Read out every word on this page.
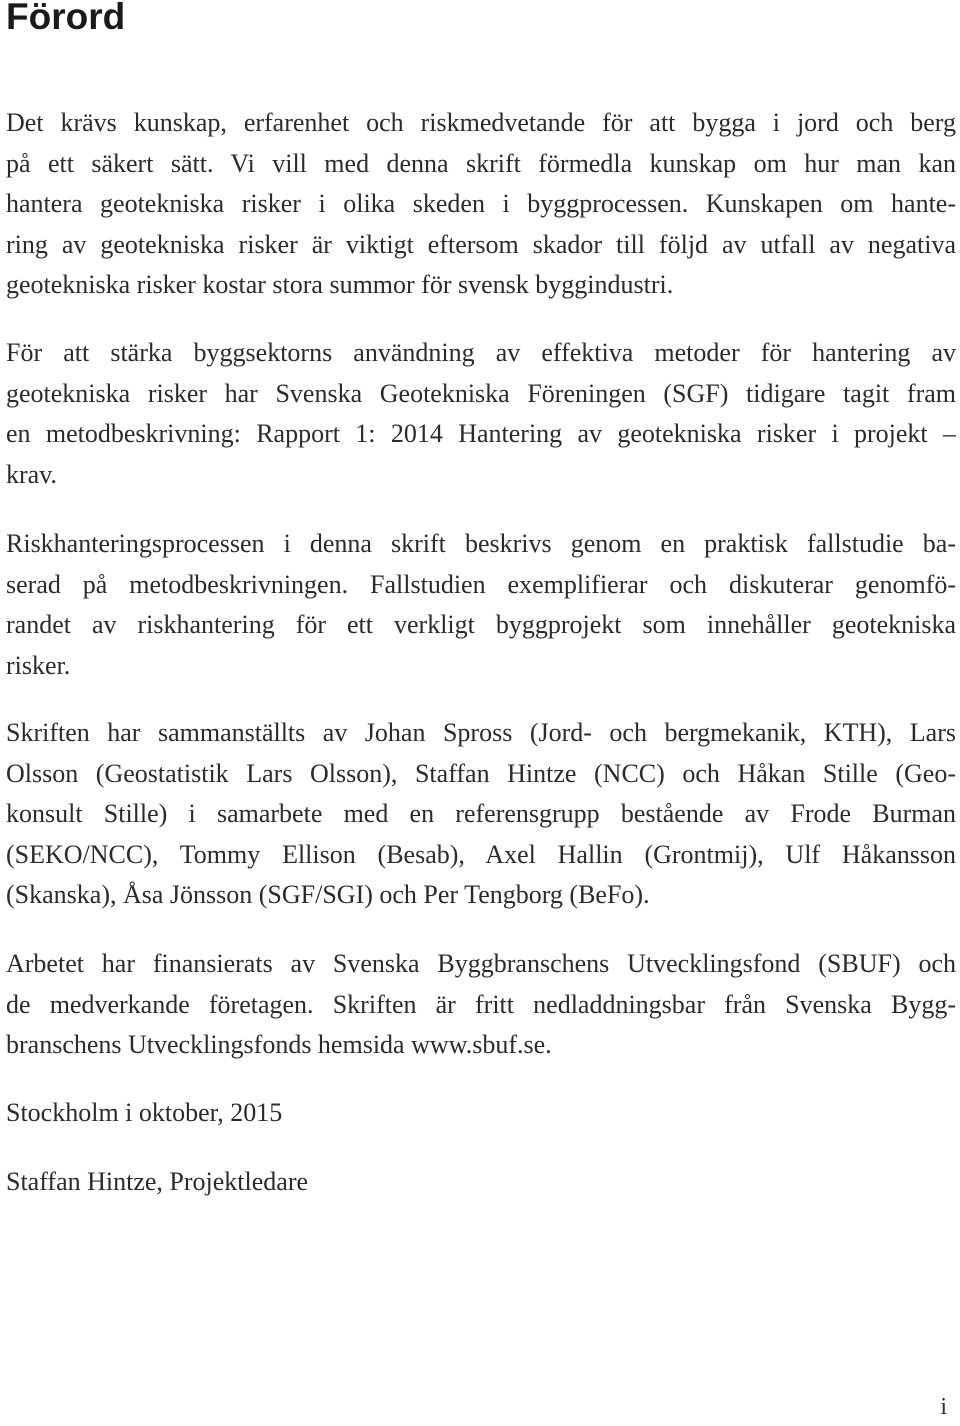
Förord

Det krävs kunskap, erfarenhet och riskmedvetande för att bygga i jord och berg
på ett säkert sätt. Vi vill med denna skrift förmedla kunskap om hur man kan
hantera geotekniska risker i olika skeden i byggprocessen. Kunskapen om hante-
ring av geotekniska risker är viktigt eftersom skador till följd av utfall av negativa
geotekniska risker kostar stora summor för svensk byggindustri.

För att stärka byggsektorns användning av effektiva metoder för hantering av
geotekniska risker har Svenska Geotekniska Föreningen (SGF) tidigare tagit fram
en metodbeskrivning: Rapport 1: 2014 Hantering av geotekniska risker i projekt –
krav.

Riskhanteringsprocessen i denna skrift beskrivs genom en praktisk fallstudie ba-
serad på metodbeskrivningen. Fallstudien exemplifierar och diskuterar genomfö-
randet av riskhantering för ett verkligt byggprojekt som innehåller geotekniska
risker.

Skriften har sammanställts av Johan Spross (Jord- och bergmekanik, KTH), Lars
Olsson (Geostatistik Lars Olsson), Staffan Hintze (NCC) och Håkan Stille (Geo-
konsult Stille) i samarbete med en referensgrupp bestående av Frode Burman
(SEKO/NCC), Tommy Ellison (Besab), Axel Hallin (Grontmij), Ulf Håkansson
(Skanska), Åsa Jönsson (SGF/SGI) och Per Tengborg (BeFo).

Arbetet har finansierats av Svenska Byggbranschens Utvecklingsfond (SBUF) och
de medverkande företagen. Skriften är fritt nedladdningsbar från Svenska Bygg-
branschens Utvecklingsfonds hemsida www.sbuf.se.

Stockholm i oktober, 2015

Staffan Hintze, Projektledare

i
